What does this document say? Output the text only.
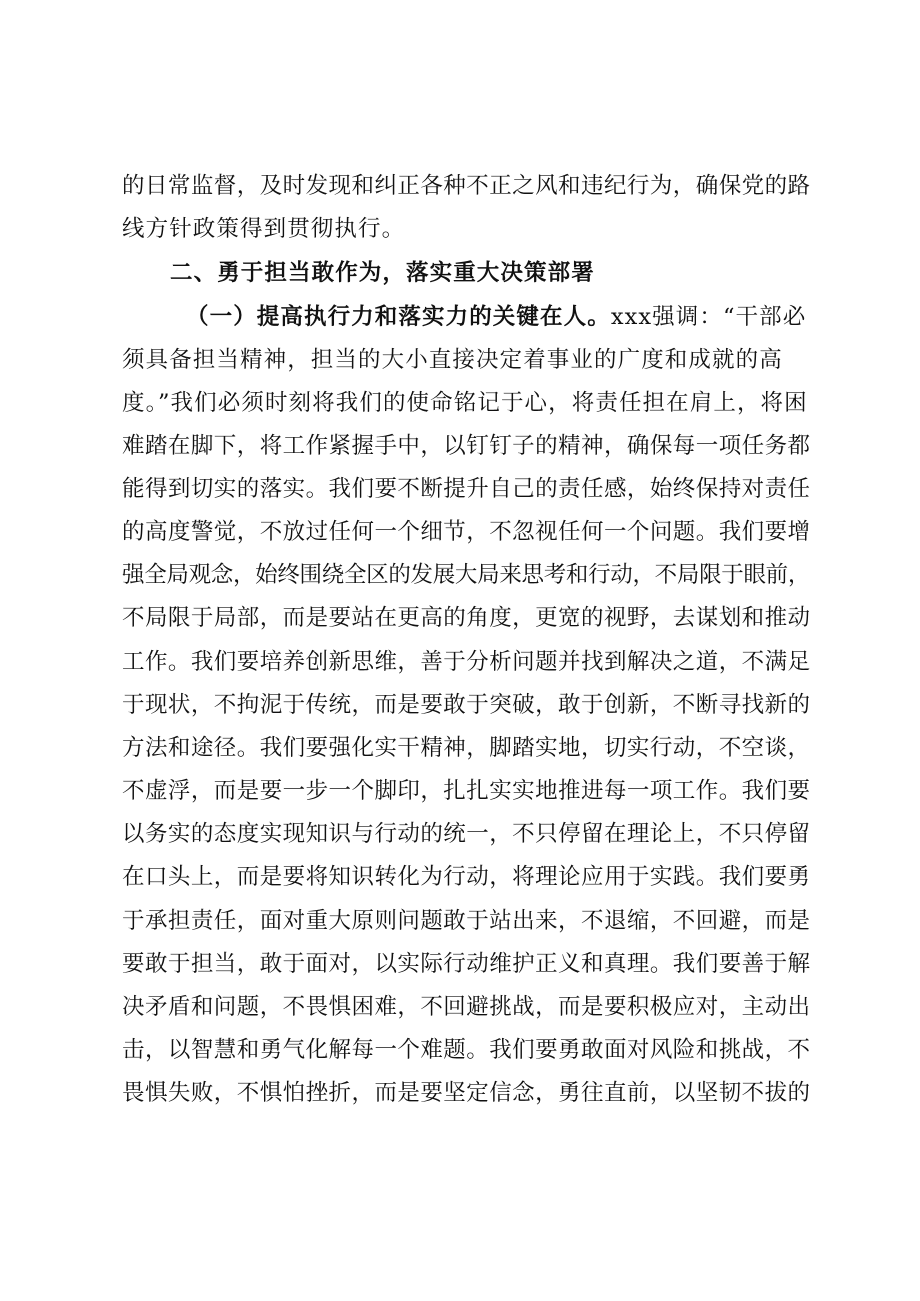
的日常监督，及时发现和纠正各种不正之风和违纪行为，确保党的路
线方针政策得到贯彻执行。
二、勇于担当敢作为，落实重大决策部署
（一）提高执行力和落实力的关键在人。xxx强调：“干部必
须具备担当精神，担当的大小直接决定着事业的广度和成就的高
度。”我们必须时刻将我们的使命铭记于心，将责任担在肩上，将困
难踏在脚下，将工作紧握手中，以钉钉子的精神，确保每一项任务都
能得到切实的落实。我们要不断提升自己的责任感，始终保持对责任
的高度警觉，不放过任何一个细节，不忽视任何一个问题。我们要增
强全局观念，始终围绕全区的发展大局来思考和行动，不局限于眼前，
不局限于局部，而是要站在更高的角度，更宽的视野，去谋划和推动
工作。我们要培养创新思维，善于分析问题并找到解决之道，不满足
于现状，不拘泥于传统，而是要敢于突破，敢于创新，不断寻找新的
方法和途径。我们要强化实干精神，脚踏实地，切实行动，不空谈，
不虚浮，而是要一步一个脚印，扎扎实实地推进每一项工作。我们要
以务实的态度实现知识与行动的统一，不只停留在理论上，不只停留
在口头上，而是要将知识转化为行动，将理论应用于实践。我们要勇
于承担责任，面对重大原则问题敢于站出来，不退缩，不回避，而是
要敢于担当，敢于面对，以实际行动维护正义和真理。我们要善于解
决矛盾和问题，不畏惧困难，不回避挑战，而是要积极应对，主动出
击，以智慧和勇气化解每一个难题。我们要勇敢面对风险和挑战，不
畏惧失败，不惧怕挫折，而是要坚定信念，勇往直前，以坚韧不拔的
